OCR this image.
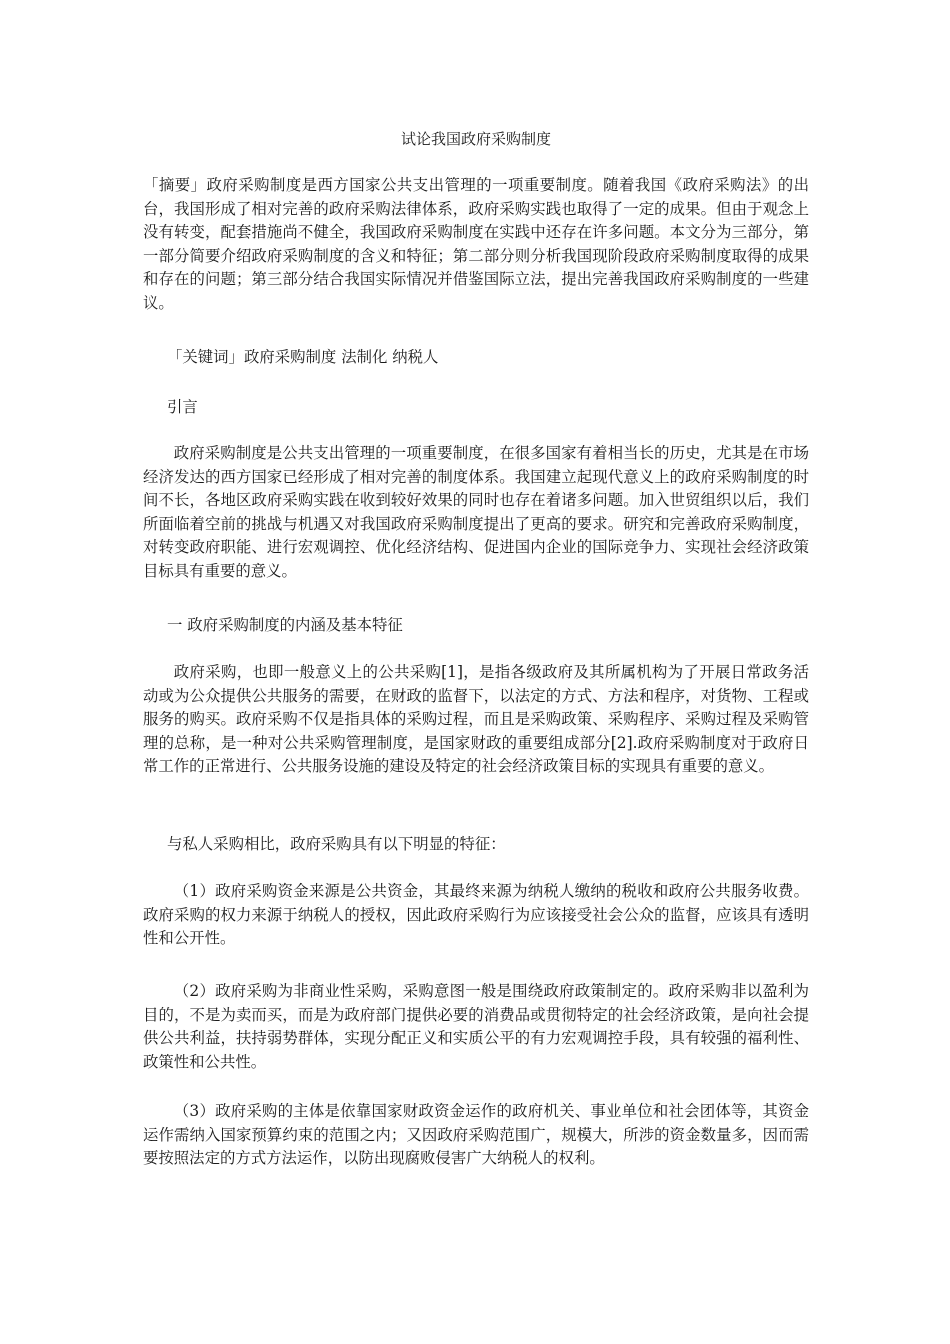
试论我国政府采购制度

「摘要」政府采购制度是西方国家公共支出管理的一项重要制度。随着我国《政府采购法》的出台，我国形成了相对完善的政府采购法律体系，政府采购实践也取得了一定的成果。但由于观念上没有转变，配套措施尚不健全，我国政府采购制度在实践中还存在许多问题。本文分为三部分，第一部分简要介绍政府采购制度的含义和特征；第二部分则分析我国现阶段政府采购制度取得的成果和存在的问题；第三部分结合我国实际情况并借鉴国际立法，提出完善我国政府采购制度的一些建议。

「关键词」政府采购制度 法制化 纳税人

引言

政府采购制度是公共支出管理的一项重要制度，在很多国家有着相当长的历史，尤其是在市场经济发达的西方国家已经形成了相对完善的制度体系。我国建立起现代意义上的政府采购制度的时间不长，各地区政府采购实践在收到较好效果的同时也存在着诸多问题。加入世贸组织以后，我们所面临着空前的挑战与机遇又对我国政府采购制度提出了更高的要求。研究和完善政府采购制度，对转变政府职能、进行宏观调控、优化经济结构、促进国内企业的国际竞争力、实现社会经济政策目标具有重要的意义。

一 政府采购制度的内涵及基本特征

政府采购，也即一般意义上的公共采购[1]，是指各级政府及其所属机构为了开展日常政务活动或为公众提供公共服务的需要，在财政的监督下，以法定的方式、方法和程序，对货物、工程或服务的购买。政府采购不仅是指具体的采购过程，而且是采购政策、采购程序、采购过程及采购管理的总称，是一种对公共采购管理制度，是国家财政的重要组成部分[2].政府采购制度对于政府日常工作的正常进行、公共服务设施的建设及特定的社会经济政策目标的实现具有重要的意义。

与私人采购相比，政府采购具有以下明显的特征：

（1）政府采购资金来源是公共资金，其最终来源为纳税人缴纳的税收和政府公共服务收费。政府采购的权力来源于纳税人的授权，因此政府采购行为应该接受社会公众的监督，应该具有透明性和公开性。

（2）政府采购为非商业性采购，采购意图一般是围绕政府政策制定的。政府采购非以盈利为目的，不是为卖而买，而是为政府部门提供必要的消费品或贯彻特定的社会经济政策，是向社会提供公共利益，扶持弱势群体，实现分配正义和实质公平的有力宏观调控手段，具有较强的福利性、政策性和公共性。

（3）政府采购的主体是依靠国家财政资金运作的政府机关、事业单位和社会团体等，其资金运作需纳入国家预算约束的范围之内；又因政府采购范围广，规模大，所涉的资金数量多，因而需要按照法定的方式方法运作，以防出现腐败侵害广大纳税人的权利。
